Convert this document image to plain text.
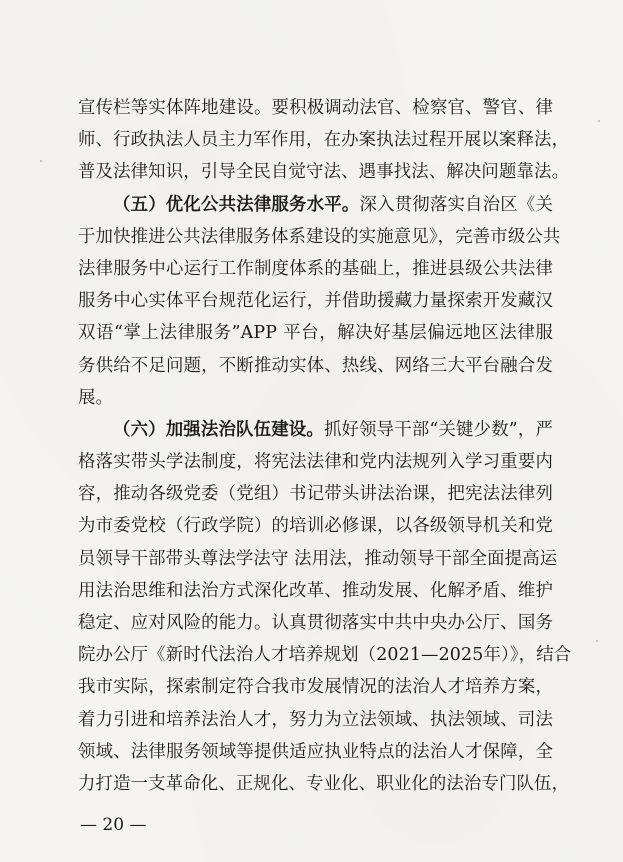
宣传栏等实体阵地建设。要积极调动法官、检察官、警官、律
师、行政执法人员主力军作用，在办案执法过程开展以案释法，
普及法律知识，引导全民自觉守法、遇事找法、解决问题靠法。
（五）优化公共法律服务水平。深入贯彻落实自治区《关
于加快推进公共法律服务体系建设的实施意见》，完善市级公共
法律服务中心运行工作制度体系的基础上，推进县级公共法律
服务中心实体平台规范化运行，并借助援藏力量探索开发藏汉
双语“掌上法律服务”APP 平台，解决好基层偏远地区法律服
务供给不足问题，不断推动实体、热线、网络三大平台融合发
展。
（六）加强法治队伍建设。抓好领导干部“关键少数”，严
格落实带头学法制度，将宪法法律和党内法规列入学习重要内
容，推动各级党委（党组）书记带头讲法治课，把宪法法律列
为市委党校（行政学院）的培训必修课，以各级领导机关和党
员领导干部带头尊法学法守 法用法，推动领导干部全面提高运
用法治思维和法治方式深化改革、推动发展、化解矛盾、维护
稳定、应对风险的能力。认真贯彻落实中共中央办公厅、国务
院办公厅《新时代法治人才培养规划（2021—2025年）》，结合
我市实际，探索制定符合我市发展情况的法治人才培养方案，
着力引进和培养法治人才，努力为立法领域、执法领域、司法
领域、法律服务领域等提供适应执业特点的法治人才保障，全
力打造一支革命化、正规化、专业化、职业化的法治专门队伍，
— 20 —
